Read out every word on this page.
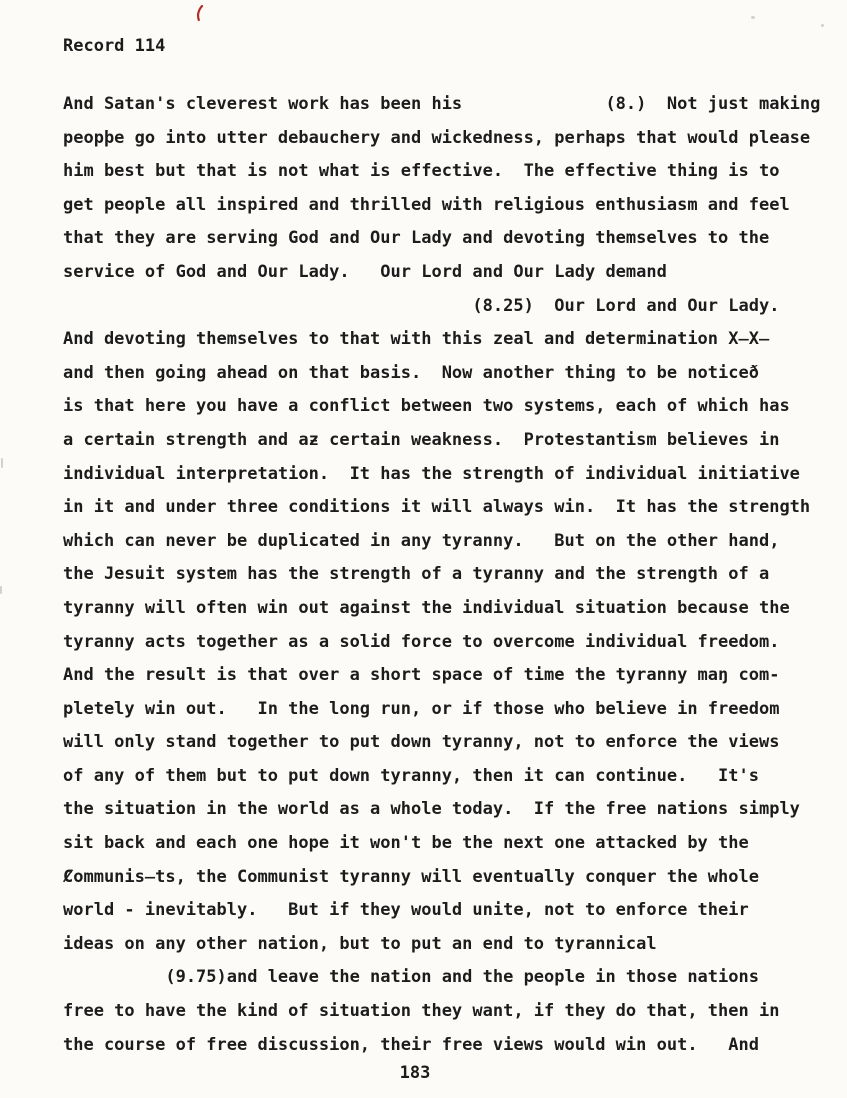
Record 114
And Satan's cleverest work has been his              (8.)  Not just making
peopþe go into utter debauchery and wickedness, perhaps that would please
him best but that is not what is effective.  The effective thing is to
get people all inspired and thrilled with religious enthusiasm and feel
that they are serving God and Our Lady and devoting themselves to the
service of God and Our Lady.   Our Lord and Our Lady demand
(8.25)  Our Lord and Our Lady.
And devoting themselves to that with this zeal and determination X̶X̶
and then going ahead on that basis.  Now another thing to be noticeð
is that here you have a conflict between two systems, each of which has
a certain strength and aƶ certain weakness.  Protestantism believes in
individual interpretation.  It has the strength of individual initiative
in it and under three conditions it will always win.  It has the strength
which can never be duplicated in any tyranny.   But on the other hand,
the Jesuit system has the strength of a tyranny and the strength of a
tyranny will often win out against the individual situation because the
tyranny acts together as a solid force to overcome individual freedom.
And the result is that over a short space of time the tyranny maŋ com-
pletely win out.   In the long run, or if those who believe in freedom
will only stand together to put down tyranny, not to enforce the views
of any of them but to put down tyranny, then it can continue.   It's
the situation in the world as a whole today.  If the free nations simply
sit back and each one hope it won't be the next one attacked by the
Ȼommunis̶ts, the Communist tyranny will eventually conquer the whole
world - inevitably.   But if they would unite, not to enforce their
ideas on any other nation, but to put an end to tyrannical
(9.75)and leave the nation and the people in those nations
free to have the kind of situation they want, if they do that, then in
the course of free discussion, their free views would win out.   And
183
